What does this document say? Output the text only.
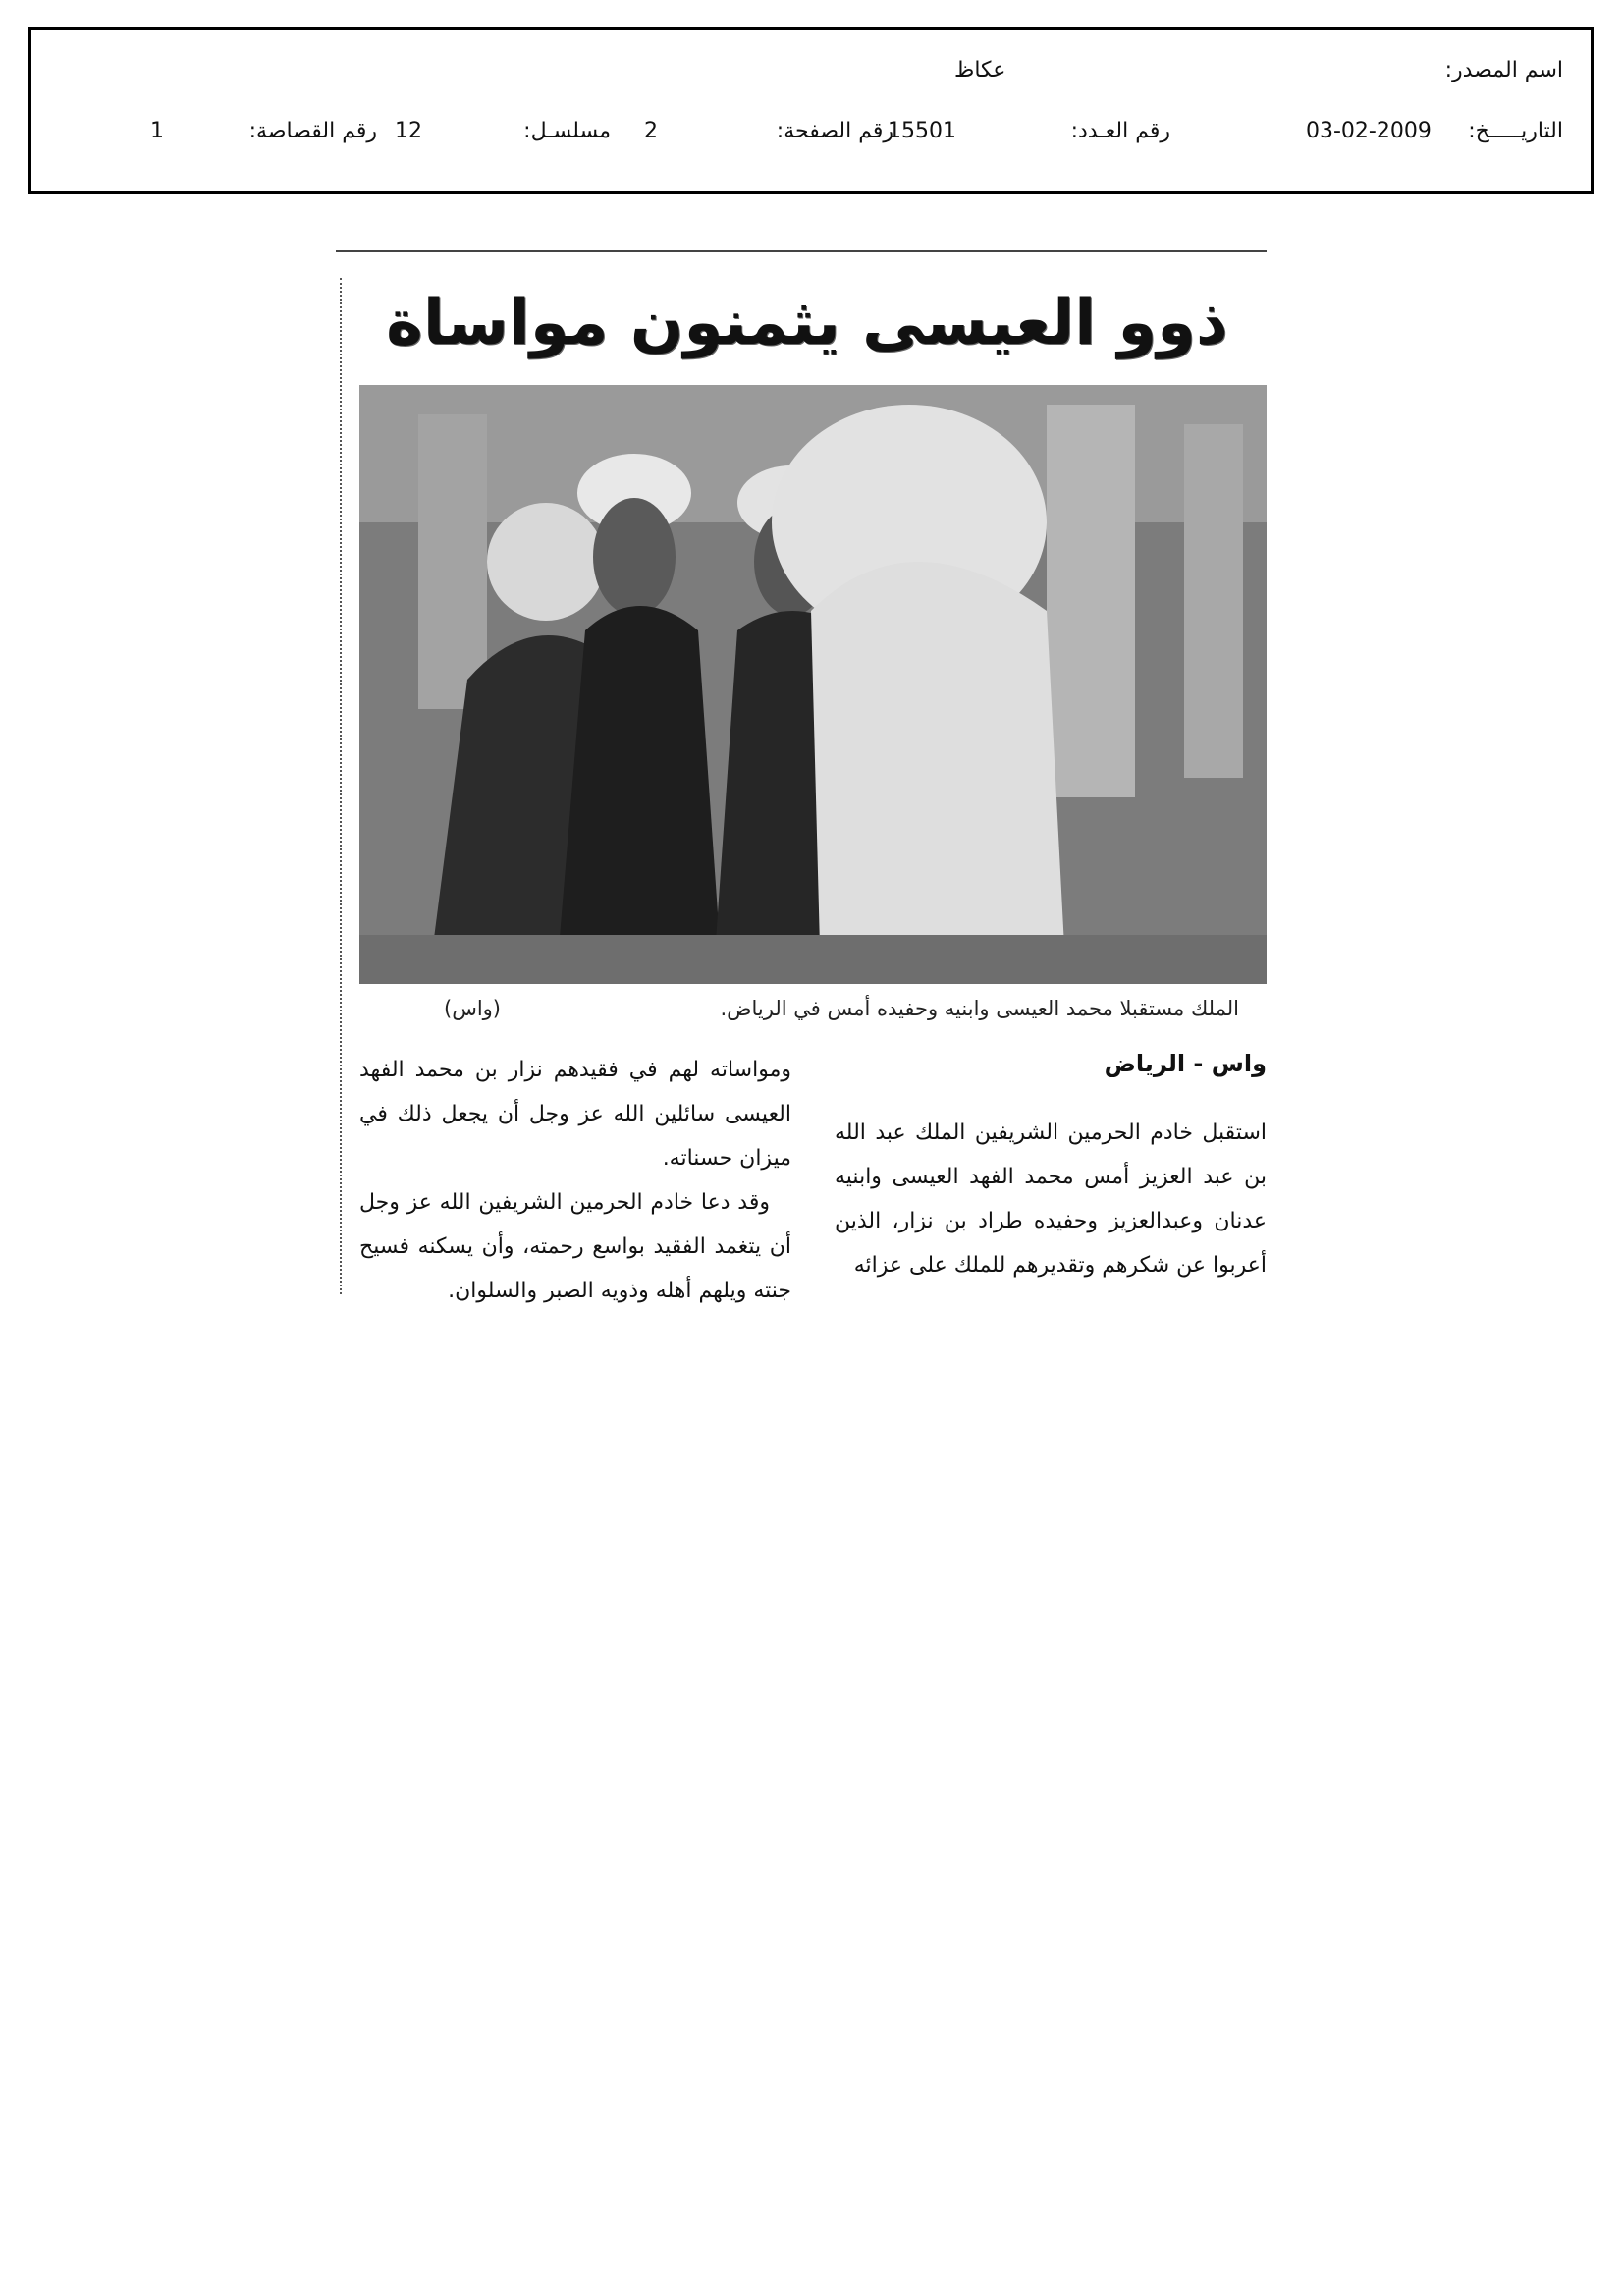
اسم المصدر:
عكاظ
التاريـــــخ:
03-02-2009
رقم العـدد:
15501
رقم الصفحة:
2
مسلسـل:
12
رقم القصاصة:
1
ذوو العيسى يثمنون مواساة
الملك مستقبلا محمد العيسى وابنيه وحفيده أمس في الرياض.
(واس)
واس - الرياض

استقبل خادم الحرمين الشريفين الملك عبد الله بن عبد العزيز أمس محمد الفهد العيسى وابنيه عدنان وعبدالعزيز وحفيده طراد بن نزار، الذين أعربوا عن شكرهم وتقديرهم للملك على عزائه

ومواساته لهم في فقيدهم نزار بن محمد الفهد العيسى سائلين الله عز وجل أن يجعل ذلك في ميزان حسناته.

وقد دعا خادم الحرمين الشريفين الله عز وجل أن يتغمد الفقيد بواسع رحمته، وأن يسكنه فسيح جنته ويلهم أهله وذويه الصبر والسلوان.
